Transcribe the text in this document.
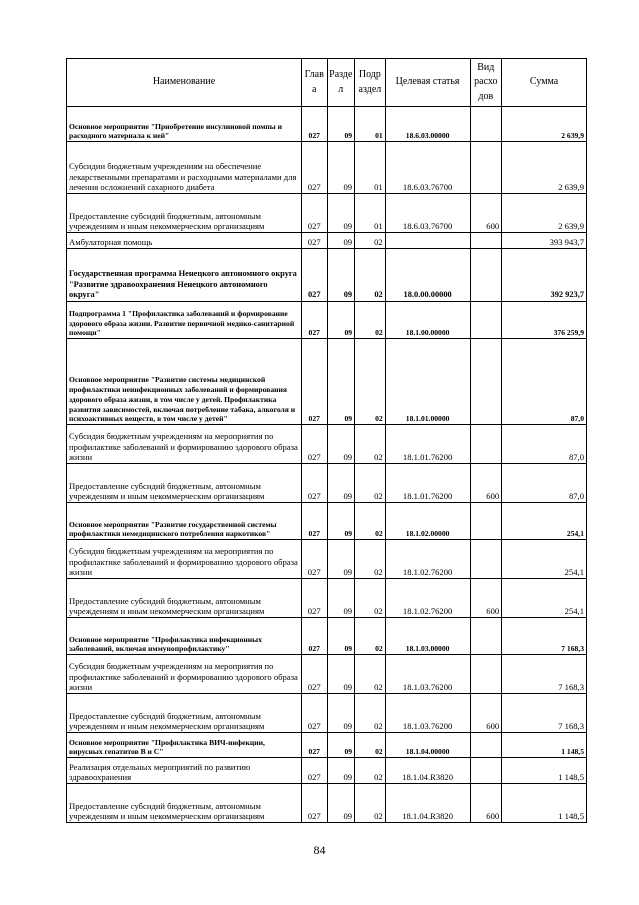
Наименование	Глав а	Разде л	Подр аздел	Целевая статья	Вид расхо дов	Сумма
Основное мероприятие "Приобретение инсулиновой помпы и расходного материала к ней"	027	09	01	18.6.03.00000		2 639,9
Субсидии бюджетным учреждениям на обеспечение лекарственными препаратами и расходными материалами для лечения осложнений сахарного диабета	027	09	01	18.6.03.76700		2 639,9
Предоставление субсидий бюджетным, автономным учреждениям и иным некоммерческим организациям	027	09	01	18.6.03.76700	600	2 639,9
Амбулаторная помощь	027	09	02			393 943,7
Государственная программа Ненецкого автономного округа "Развитие здравоохранения Ненецкого автономного округа"	027	09	02	18.0.00.00000		392 923,7
Подпрограмма 1 "Профилактика заболеваний и формирование здорового образа жизни. Развитие первичной медико-санитарной помощи"	027	09	02	18.1.00.00000		376 259,9
Основное мероприятие "Развитие системы медицинской профилактики неинфекционных заболеваний и формирования здорового образа жизни, в том числе у детей. Профилактика развития зависимостей, включая потребление табака, алкоголя и психоактивных веществ, в том числе у детей"	027	09	02	18.1.01.00000		87,0
Субсидия бюджетным учреждениям на мероприятия по профилактике заболеваний и формированию здорового образа жизни	027	09	02	18.1.01.76200		87,0
Предоставление субсидий бюджетным, автономным учреждениям и иным некоммерческим организациям	027	09	02	18.1.01.76200	600	87,0
Основное мероприятие "Развитие государственной системы профилактики немедицинского потребления наркотиков"	027	09	02	18.1.02.00000		254,1
Субсидия бюджетным учреждениям на мероприятия по профилактике заболеваний и формированию здорового образа жизни	027	09	02	18.1.02.76200		254,1
Предоставление субсидий бюджетным, автономным учреждениям и иным некоммерческим организациям	027	09	02	18.1.02.76200	600	254,1
Основное мероприятие "Профилактика инфекционных заболеваний, включая иммунопрофилактику"	027	09	02	18.1.03.00000		7 168,3
Субсидия бюджетным учреждениям на мероприятия по профилактике заболеваний и формированию здорового образа жизни	027	09	02	18.1.03.76200		7 168,3
Предоставление субсидий бюджетным, автономным учреждениям и иным некоммерческим организациям	027	09	02	18.1.03.76200	600	7 168,3
Основное мероприятие "Профилактика ВИЧ-инфекции, вирусных гепатитов В и С"	027	09	02	18.1.04.00000		1 148,5
Реализация отдельных мероприятий по развитию здравоохранения	027	09	02	18.1.04.R3820		1 148,5
Предоставление субсидий бюджетным, автономным учреждениям и иным некоммерческим организациям	027	09	02	18.1.04.R3820	600	1 148,5
84
